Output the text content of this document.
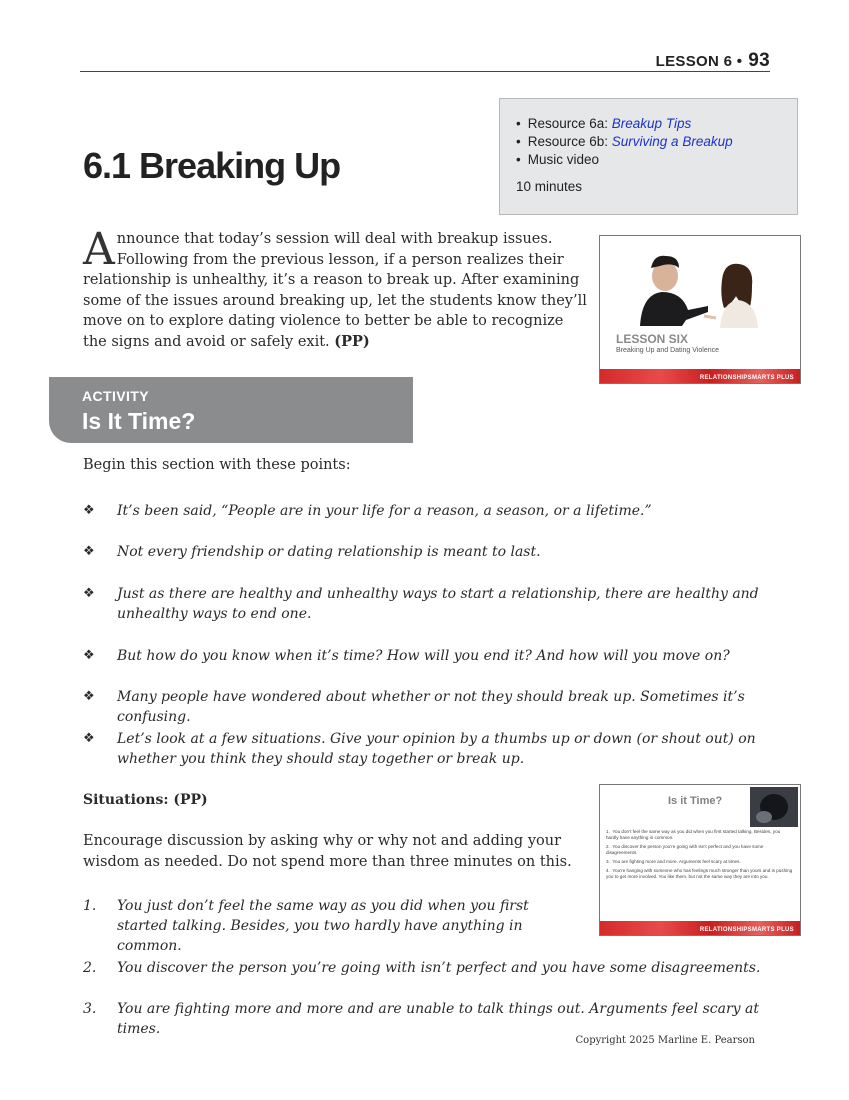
LESSON 6 • 93
6.1 Breaking Up
• Resource 6a: Breakup Tips
• Resource 6b: Surviving a Breakup
• Music video
10 minutes
Announce that today’s session will deal with breakup issues. Following from the previous lesson, if a person realizes their relationship is unhealthy, it’s a reason to break up. After examining some of the issues around breaking up, let the students know they’ll move on to explore dating violence to better be able to recognize the signs and avoid or safely exit. (PP)	LESSON SIX
Breaking Up and Dating Violence
RELATIONSHIPSMARTS PLUS
ACTIVITY
Is It Time?
Begin this section with these points:
❖ It’s been said, “People are in your life for a reason, a season, or a lifetime.”
❖ Not every friendship or dating relationship is meant to last.
❖ Just as there are healthy and unhealthy ways to start a relationship, there are healthy and unhealthy ways to end one.
❖ But how do you know when it’s time? How will you end it? And how will you move on?
❖ Many people have wondered about whether or not they should break up. Sometimes it’s confusing.
❖ Let’s look at a few situations. Give your opinion by a thumbs up or down (or shout out) on whether you think they should stay together or break up.
Situations: (PP)
Encourage discussion by asking why or why not and adding your wisdom as needed. Do not spend more than three minutes on this.
Is it Time?
1.  You don’t feel the same way as you did when you first started talking. Besides, you hardly have anything in common.
2.  You discover the person you’re going with isn’t perfect and you have some disagreements.
3.  You are fighting more and more. Arguments feel scary at times.
4.  You’re hanging with someone who has feelings much stronger than yours and is pushing you to get more involved. You like them, but not the same way they are into you.
RELATIONSHIPSMARTS PLUS
1. You just don’t feel the same way as you did when you first started talking. Besides, you two hardly have anything in common.
2. You discover the person you’re going with isn’t perfect and you have some disagreements.
3. You are fighting more and more and are unable to talk things out. Arguments feel scary at times.
Copyright 2025 Marline E. Pearson
